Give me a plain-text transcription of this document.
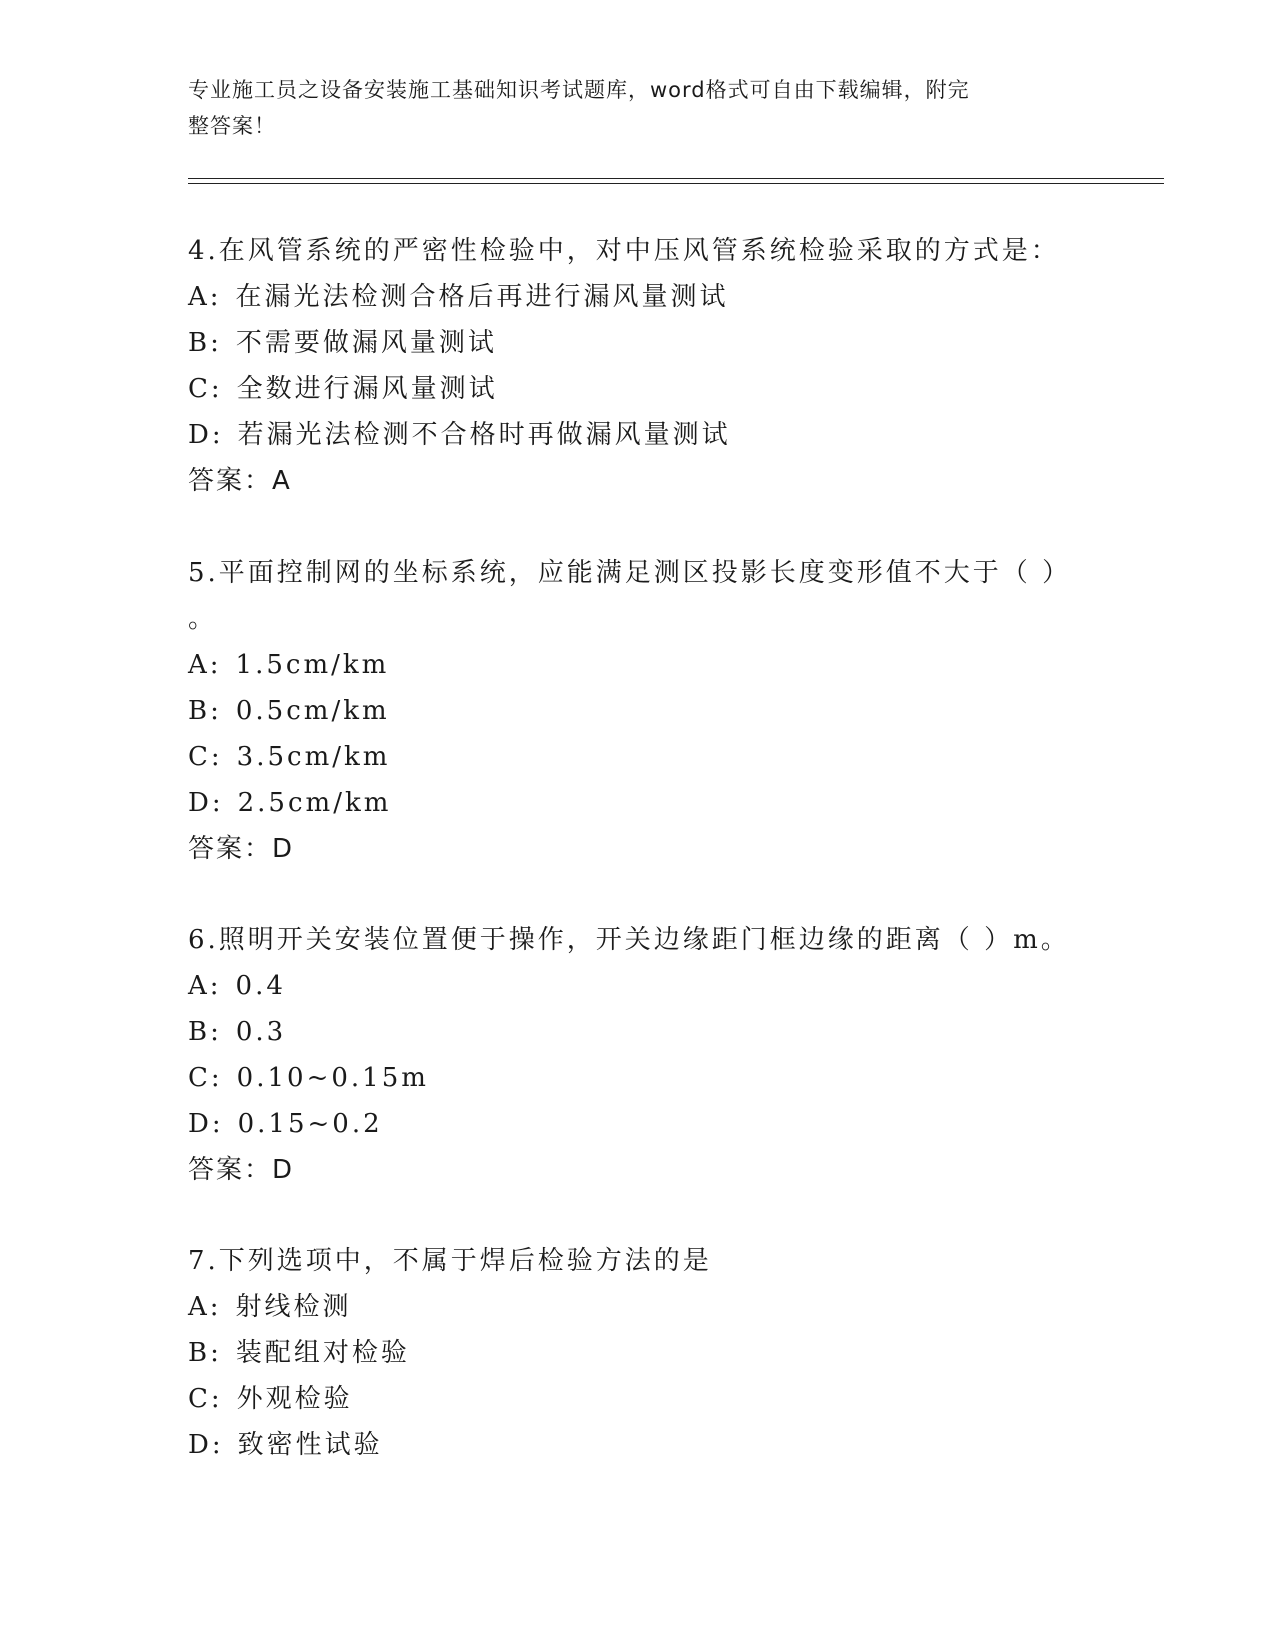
专业施工员之设备安装施工基础知识考试题库，word格式可自由下载编辑，附完
整答案！
4.在风管系统的严密性检验中，对中压风管系统检验采取的方式是：
A: 在漏光法检测合格后再进行漏风量测试
B: 不需要做漏风量测试
C: 全数进行漏风量测试
D: 若漏光法检测不合格时再做漏风量测试
答案：A
5.平面控制网的坐标系统，应能满足测区投影长度变形值不大于（ ）
。
A: 1.5cm/km
B: 0.5cm/km
C: 3.5cm/km
D: 2.5cm/km
答案：D
6.照明开关安装位置便于操作，开关边缘距门框边缘的距离（ ）m。
A: 0.4
B: 0.3
C: 0.10~0.15m
D: 0.15~0.2
答案：D
7.下列选项中，不属于焊后检验方法的是
A: 射线检测
B: 装配组对检验
C: 外观检验
D: 致密性试验
